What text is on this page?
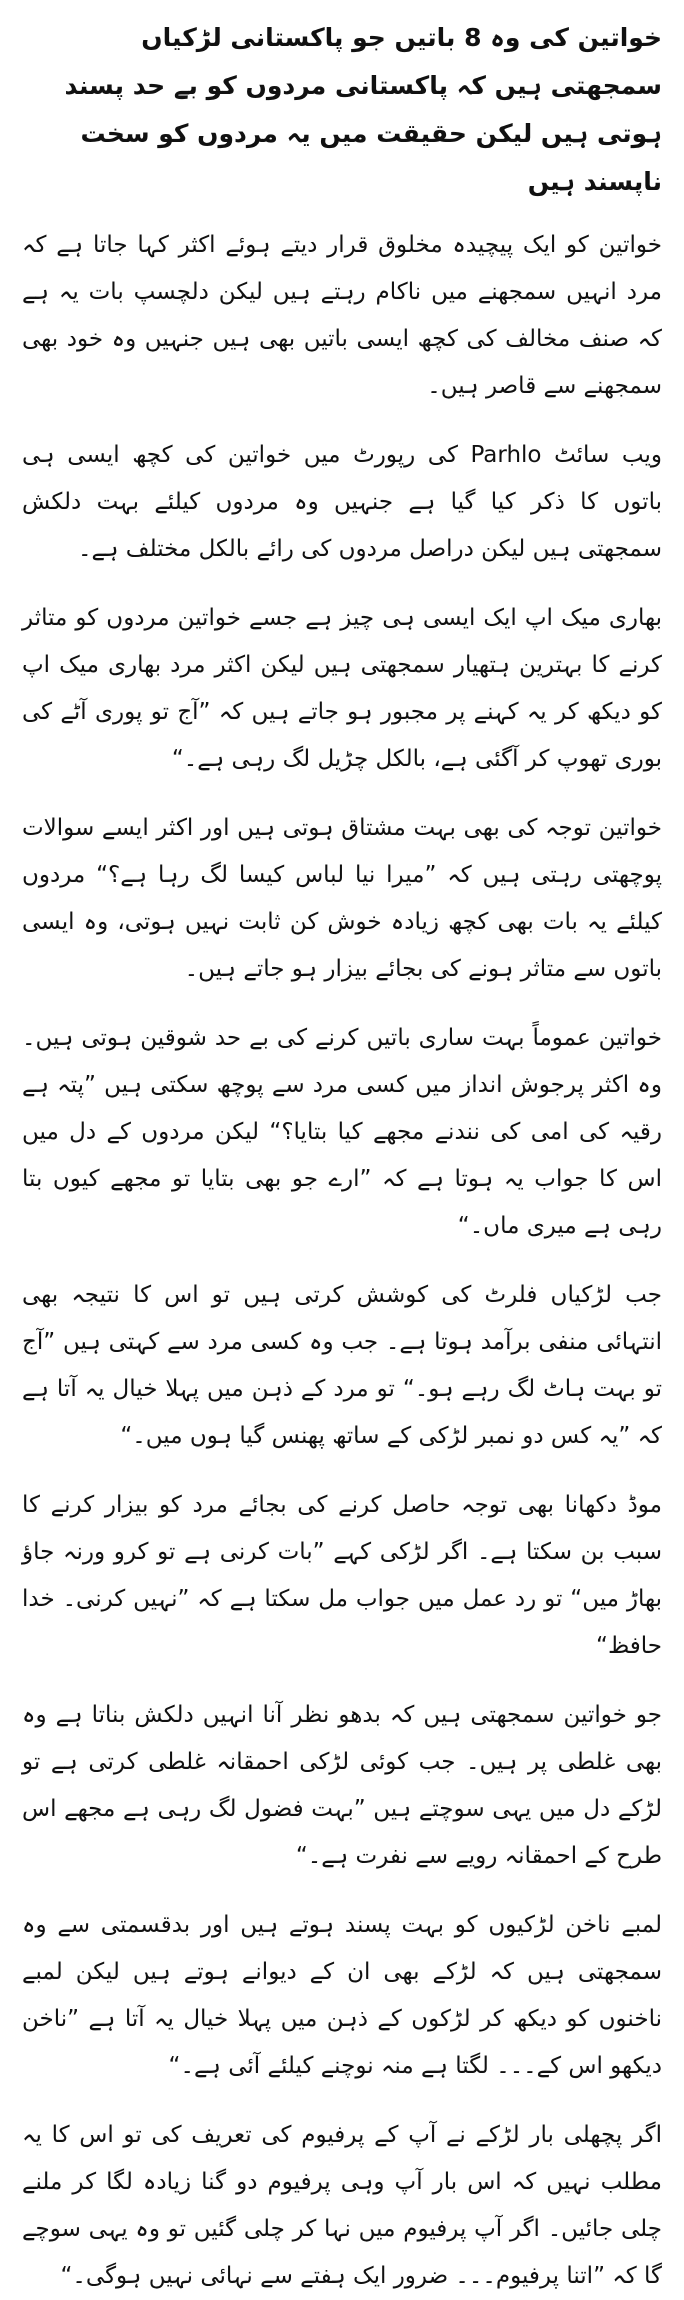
خواتین کی وہ 8 باتیں جو پاکستانی لڑکیاں سمجھتی ہیں کہ پاکستانی مردوں کو بے حد پسند ہوتی ہیں لیکن حقیقت میں یہ مردوں کو سخت ناپسند ہیں

خواتین کو ایک پیچیدہ مخلوق قرار دیتے ہوئے اکثر کہا جاتا ہے کہ مرد انہیں سمجھنے میں ناکام رہتے ہیں لیکن دلچسپ بات یہ ہے کہ صنف مخالف کی کچھ ایسی باتیں بھی ہیں جنہیں وہ خود بھی سمجھنے سے قاصر ہیں۔

ویب سائٹ Parhlo کی رپورٹ میں خواتین کی کچھ ایسی ہی باتوں کا ذکر کیا گیا ہے جنہیں وہ مردوں کیلئے بہت دلکش سمجھتی ہیں لیکن دراصل مردوں کی رائے بالکل مختلف ہے۔

بھاری میک اپ ایک ایسی ہی چیز ہے جسے خواتین مردوں کو متاثر کرنے کا بہترین ہتھیار سمجھتی ہیں لیکن اکثر مرد بھاری میک اپ کو دیکھ کر یہ کہنے پر مجبور ہو جاتے ہیں کہ ”آج تو پوری آٹے کی بوری تھوپ کر آگئی ہے، بالکل چڑیل لگ رہی ہے۔“

خواتین توجہ کی بھی بہت مشتاق ہوتی ہیں اور اکثر ایسے سوالات پوچھتی رہتی ہیں کہ ”میرا نیا لباس کیسا لگ رہا ہے؟“ مردوں کیلئے یہ بات بھی کچھ زیادہ خوش کن ثابت نہیں ہوتی، وہ ایسی باتوں سے متاثر ہونے کی بجائے بیزار ہو جاتے ہیں۔

خواتین عموماً بہت ساری باتیں کرنے کی بے حد شوقین ہوتی ہیں۔ وہ اکثر پرجوش انداز میں کسی مرد سے پوچھ سکتی ہیں ”پتہ ہے رقیہ کی امی کی نندنے مجھے کیا بتایا؟“ لیکن مردوں کے دل میں اس کا جواب یہ ہوتا ہے کہ ”ارے جو بھی بتایا تو مجھے کیوں بتا رہی ہے میری ماں۔“

جب لڑکیاں فلرٹ کی کوشش کرتی ہیں تو اس کا نتیجہ بھی انتہائی منفی برآمد ہوتا ہے۔ جب وہ کسی مرد سے کہتی ہیں ”آج تو بہت ہاٹ لگ رہے ہو۔“ تو مرد کے ذہن میں پہلا خیال یہ آتا ہے کہ ”یہ کس دو نمبر لڑکی کے ساتھ پھنس گیا ہوں میں۔“

موڈ دکھانا بھی توجہ حاصل کرنے کی بجائے مرد کو بیزار کرنے کا سبب بن سکتا ہے۔ اگر لڑکی کہے ”بات کرنی ہے تو کرو ورنہ جاؤ بھاڑ میں“ تو رد عمل میں جواب مل سکتا ہے کہ ”نہیں کرنی۔ خدا حافظ“

جو خواتین سمجھتی ہیں کہ بدھو نظر آنا انہیں دلکش بناتا ہے وہ بھی غلطی پر ہیں۔ جب کوئی لڑکی احمقانہ غلطی کرتی ہے تو لڑکے دل میں یہی سوچتے ہیں ”بہت فضول لگ رہی ہے مجھے اس طرح کے احمقانہ رویے سے نفرت ہے۔“

لمبے ناخن لڑکیوں کو بہت پسند ہوتے ہیں اور بدقسمتی سے وہ سمجھتی ہیں کہ لڑکے بھی ان کے دیوانے ہوتے ہیں لیکن لمبے ناخنوں کو دیکھ کر لڑکوں کے ذہن میں پہلا خیال یہ آتا ہے ”ناخن دیکھو اس کے۔۔۔ لگتا ہے منہ نوچنے کیلئے آئی ہے۔“

اگر پچھلی بار لڑکے نے آپ کے پرفیوم کی تعریف کی تو اس کا یہ مطلب نہیں کہ اس بار آپ وہی پرفیوم دو گنا زیادہ لگا کر ملنے چلی جائیں۔ اگر آپ پرفیوم میں نہا کر چلی گئیں تو وہ یہی سوچے گا کہ ”اتنا پرفیوم۔۔۔ ضرور ایک ہفتے سے نہائی نہیں ہوگی۔“
